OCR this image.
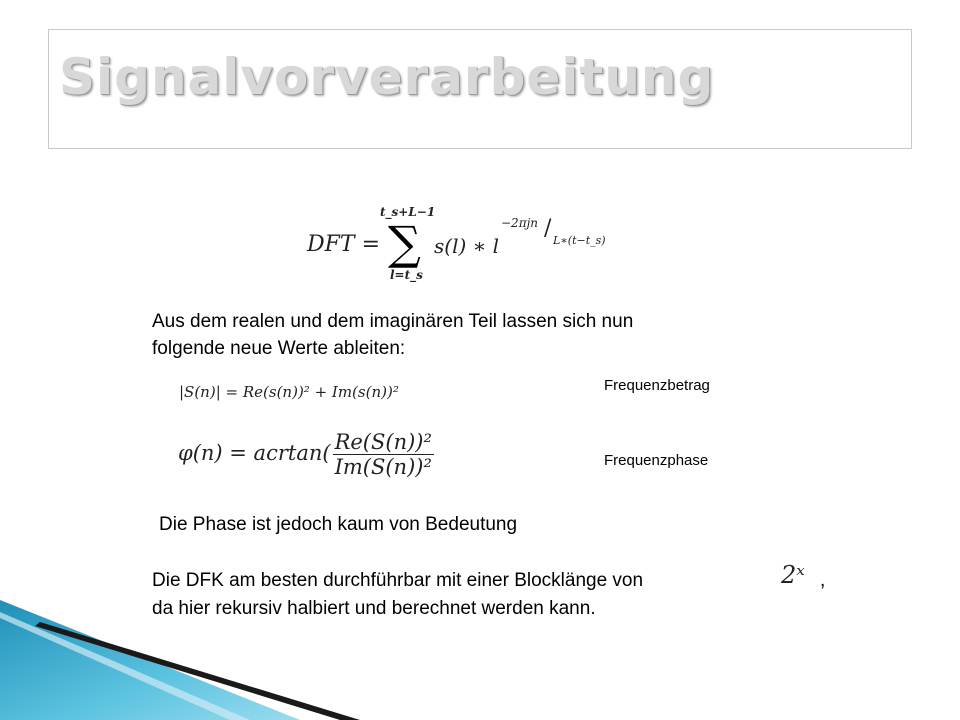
Signalvorverarbeitung
DFT = ∑
t_s+L−1
l=t_s
s(l) ∗ l
−2πjn / L∗(t−t_s)
Aus dem realen und dem imaginären Teil lassen sich nun
folgende neue Werte ableiten:
|S(n)| = Re(s(n))² + Im(s(n))²	Frequenzbetrag
$\varphi(n) = acrtan( \frac{\text{Re(S(n))²}}{\text{Im(S(n))²}}$	Frequenzphase
Die Phase ist jedoch kaum von Bedeutung
Die DFK am besten durchführbar mit einer Blocklänge von	2ˣ ,
da hier rekursiv halbiert und berechnet werden kann.
